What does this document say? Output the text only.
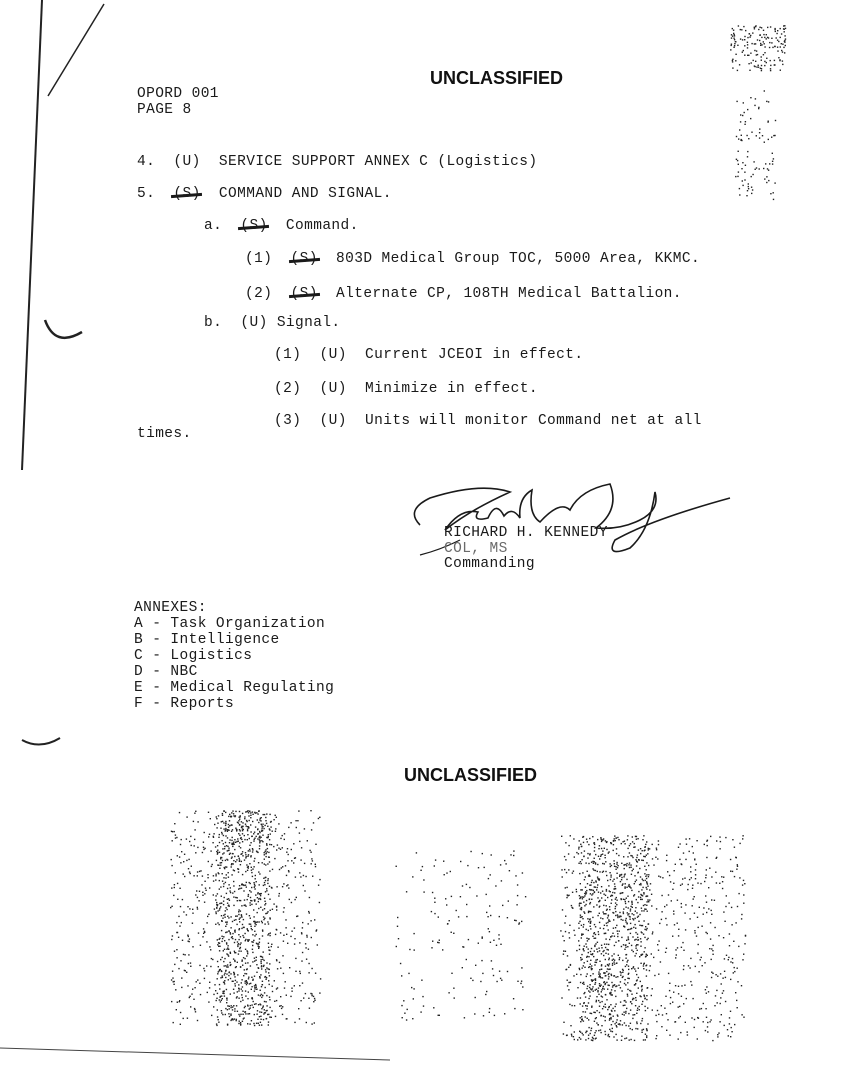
UNCLASSIFIED
OPORD 001
PAGE 8
4. (U) SERVICE SUPPORT ANNEX C (Logistics)
5. (S) COMMAND AND SIGNAL.
a. (S) Command.
(1) (S) 803D Medical Group TOC, 5000 Area, KKMC.
(2) (S) Alternate CP, 108TH Medical Battalion.
b. (U) Signal.
(1) (U) Current JCEOI in effect.
(2) (U) Minimize in effect.
(3) (U) Units will monitor Command net at all
times.
RICHARD H. KENNEDY
COL, MS
Commanding
ANNEXES:
A - Task Organization
B - Intelligence
C - Logistics
D - NBC
E - Medical Regulating
F - Reports
UNCLASSIFIED
